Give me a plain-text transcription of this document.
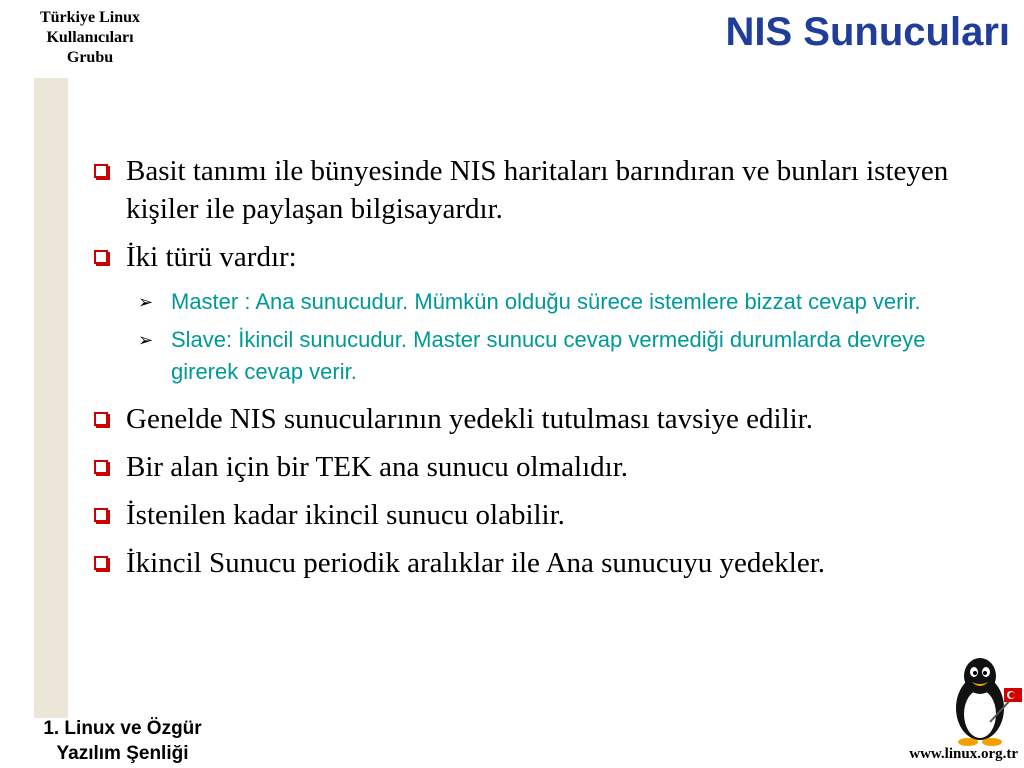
Türkiye Linux
Kullanıcıları
Grubu
NIS Sunucuları
Basit tanımı ile bünyesinde NIS haritaları barındıran ve bunları isteyen kişiler ile paylaşan bilgisayardır.
İki türü vardır:
➢ Master : Ana sunucudur. Mümkün olduğu sürece istemlere bizzat cevap verir.
➢ Slave: İkincil sunucudur. Master sunucu cevap vermediği durumlarda devreye girerek cevap verir.
Genelde NIS sunucularının yedekli tutulması tavsiye edilir.
Bir alan için bir TEK ana sunucu olmalıdır.
İstenilen kadar ikincil sunucu olabilir.
İkincil Sunucu periodik aralıklar ile Ana sunucuyu yedekler.
1. Linux ve Özgür
Yazılım Şenliği	www.linux.org.tr
